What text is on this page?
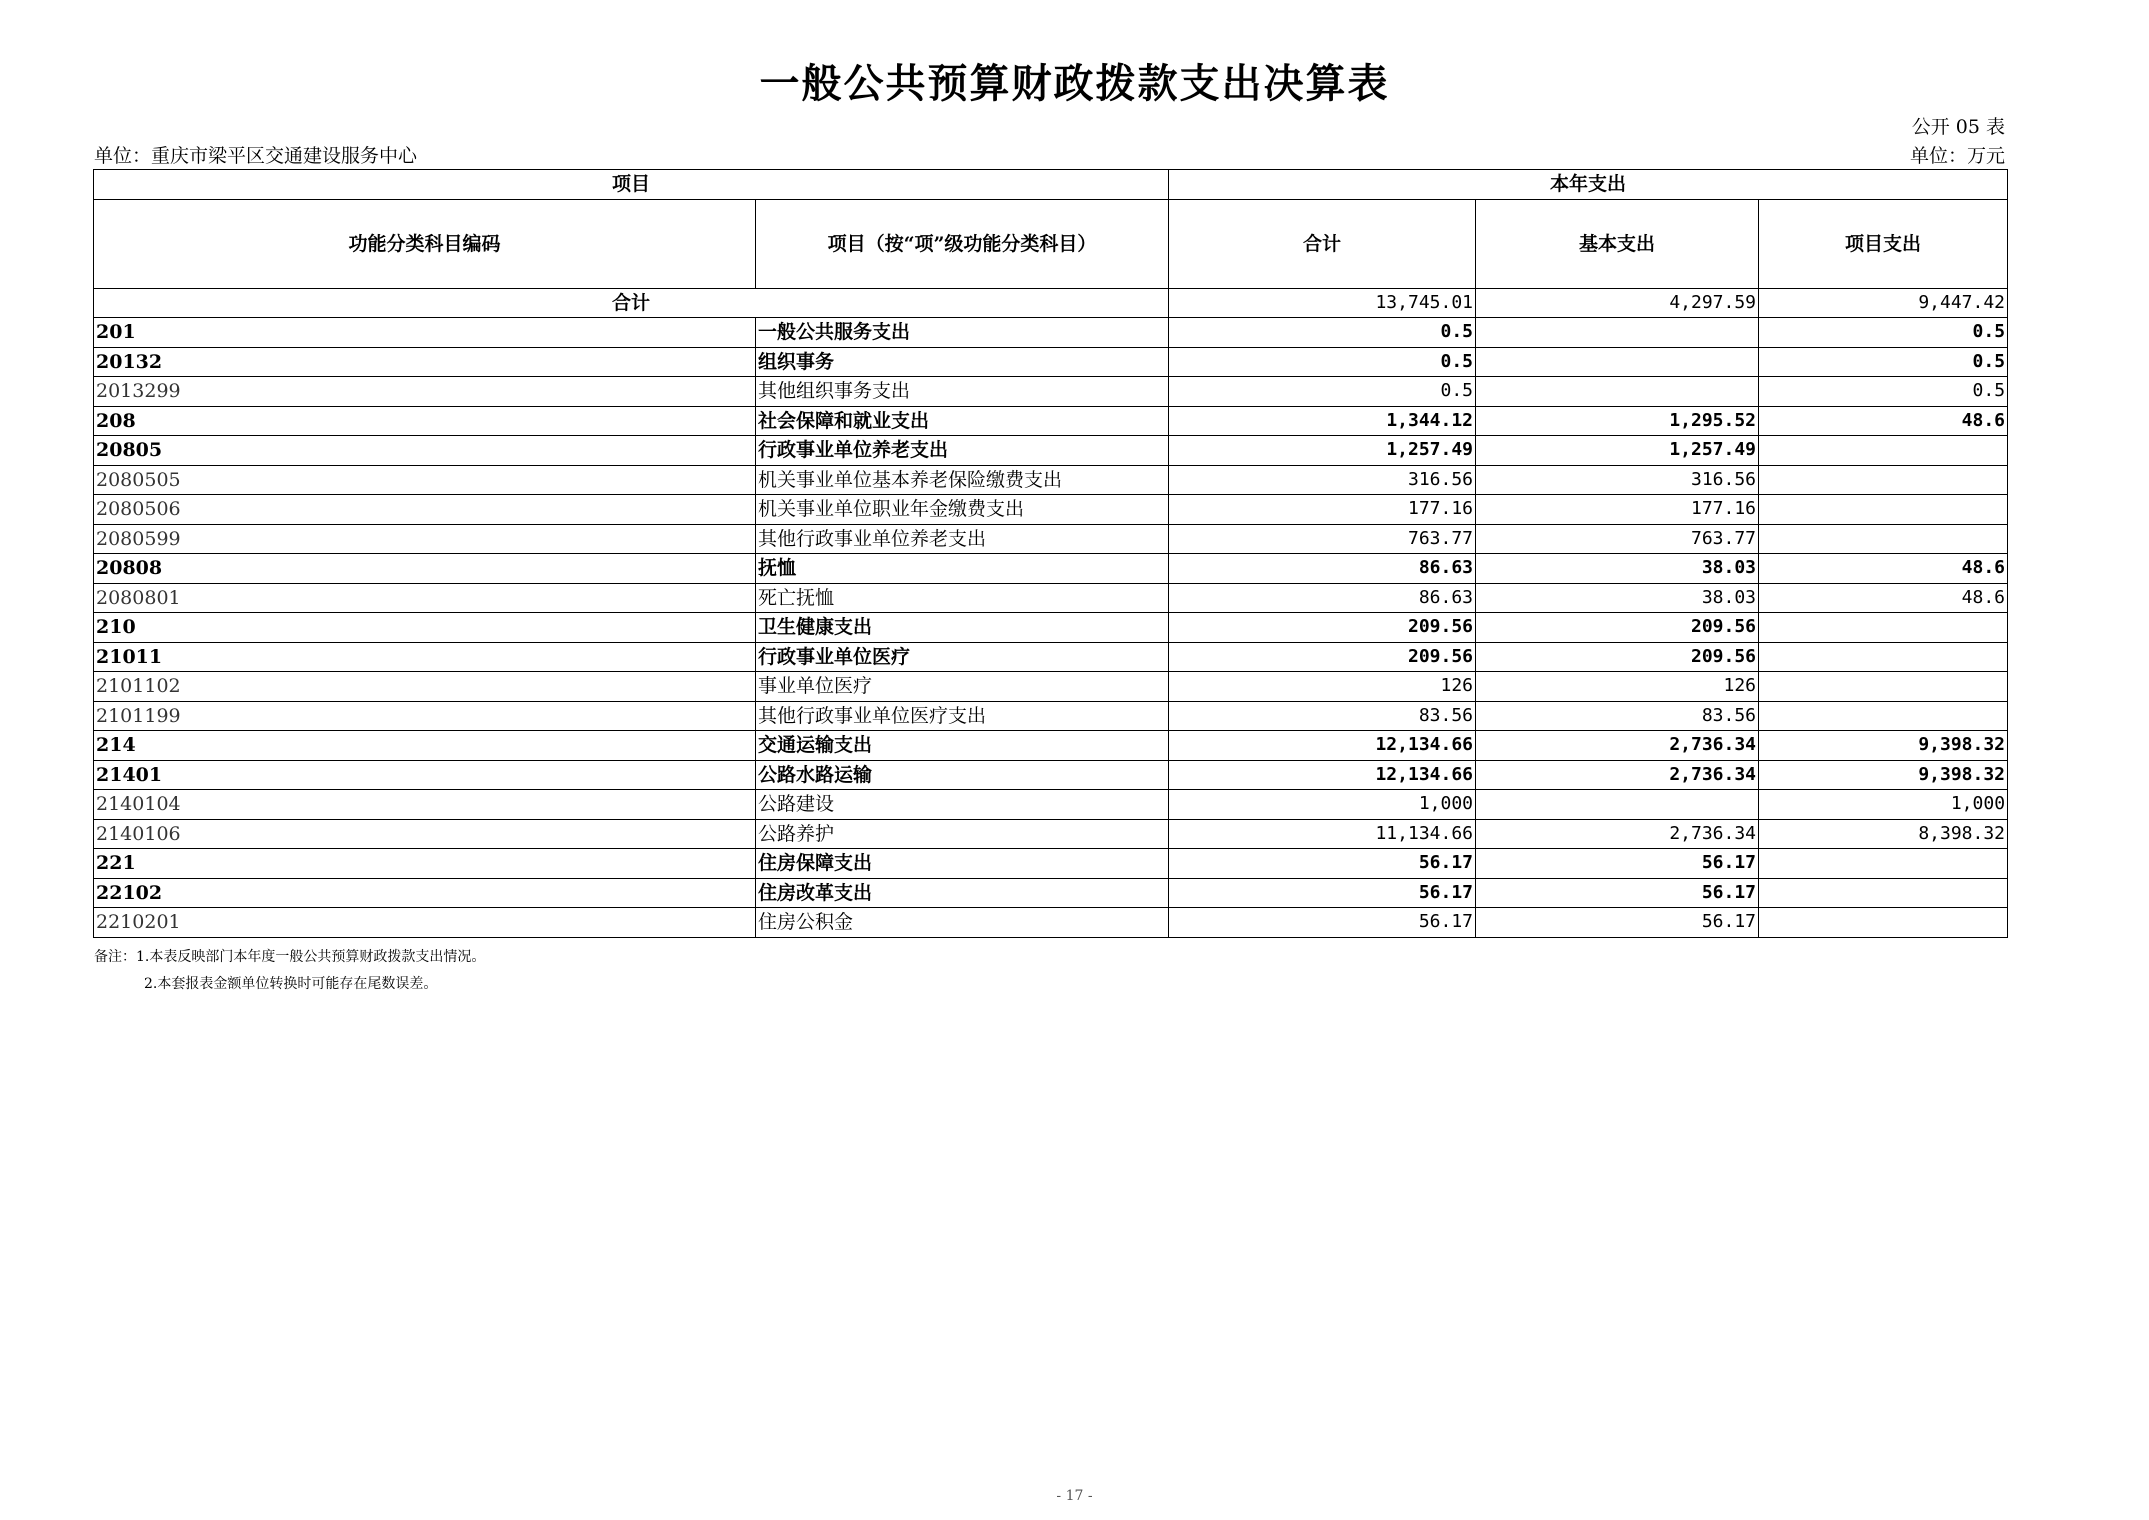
一般公共预算财政拨款支出决算表
公开 05 表
单位：重庆市梁平区交通建设服务中心	单位：万元
项目		本年支出		
功能分类科目编码	项目（按“项”级功能分类科目）	合计	基本支出	项目支出
合计		13,745.01	4,297.59	9,447.42
201	一般公共服务支出	0.5		0.5
20132	组织事务	0.5		0.5
2013299	其他组织事务支出	0.5		0.5
208	社会保障和就业支出	1,344.12	1,295.52	48.6
20805	行政事业单位养老支出	1,257.49	1,257.49	
2080505	机关事业单位基本养老保险缴费支出	316.56	316.56	
2080506	机关事业单位职业年金缴费支出	177.16	177.16	
2080599	其他行政事业单位养老支出	763.77	763.77	
20808	抚恤	86.63	38.03	48.6
2080801	死亡抚恤	86.63	38.03	48.6
210	卫生健康支出	209.56	209.56	
21011	行政事业单位医疗	209.56	209.56	
2101102	事业单位医疗	126	126	
2101199	其他行政事业单位医疗支出	83.56	83.56	
214	交通运输支出	12,134.66	2,736.34	9,398.32
21401	公路水路运输	12,134.66	2,736.34	9,398.32
2140104	公路建设	1,000		1,000
2140106	公路养护	11,134.66	2,736.34	8,398.32
221	住房保障支出	56.17	56.17	
22102	住房改革支出	56.17	56.17	
2210201	住房公积金	56.17	56.17	
备注：1.本表反映部门本年度一般公共预算财政拨款支出情况。
2.本套报表金额单位转换时可能存在尾数误差。
- 17 -
